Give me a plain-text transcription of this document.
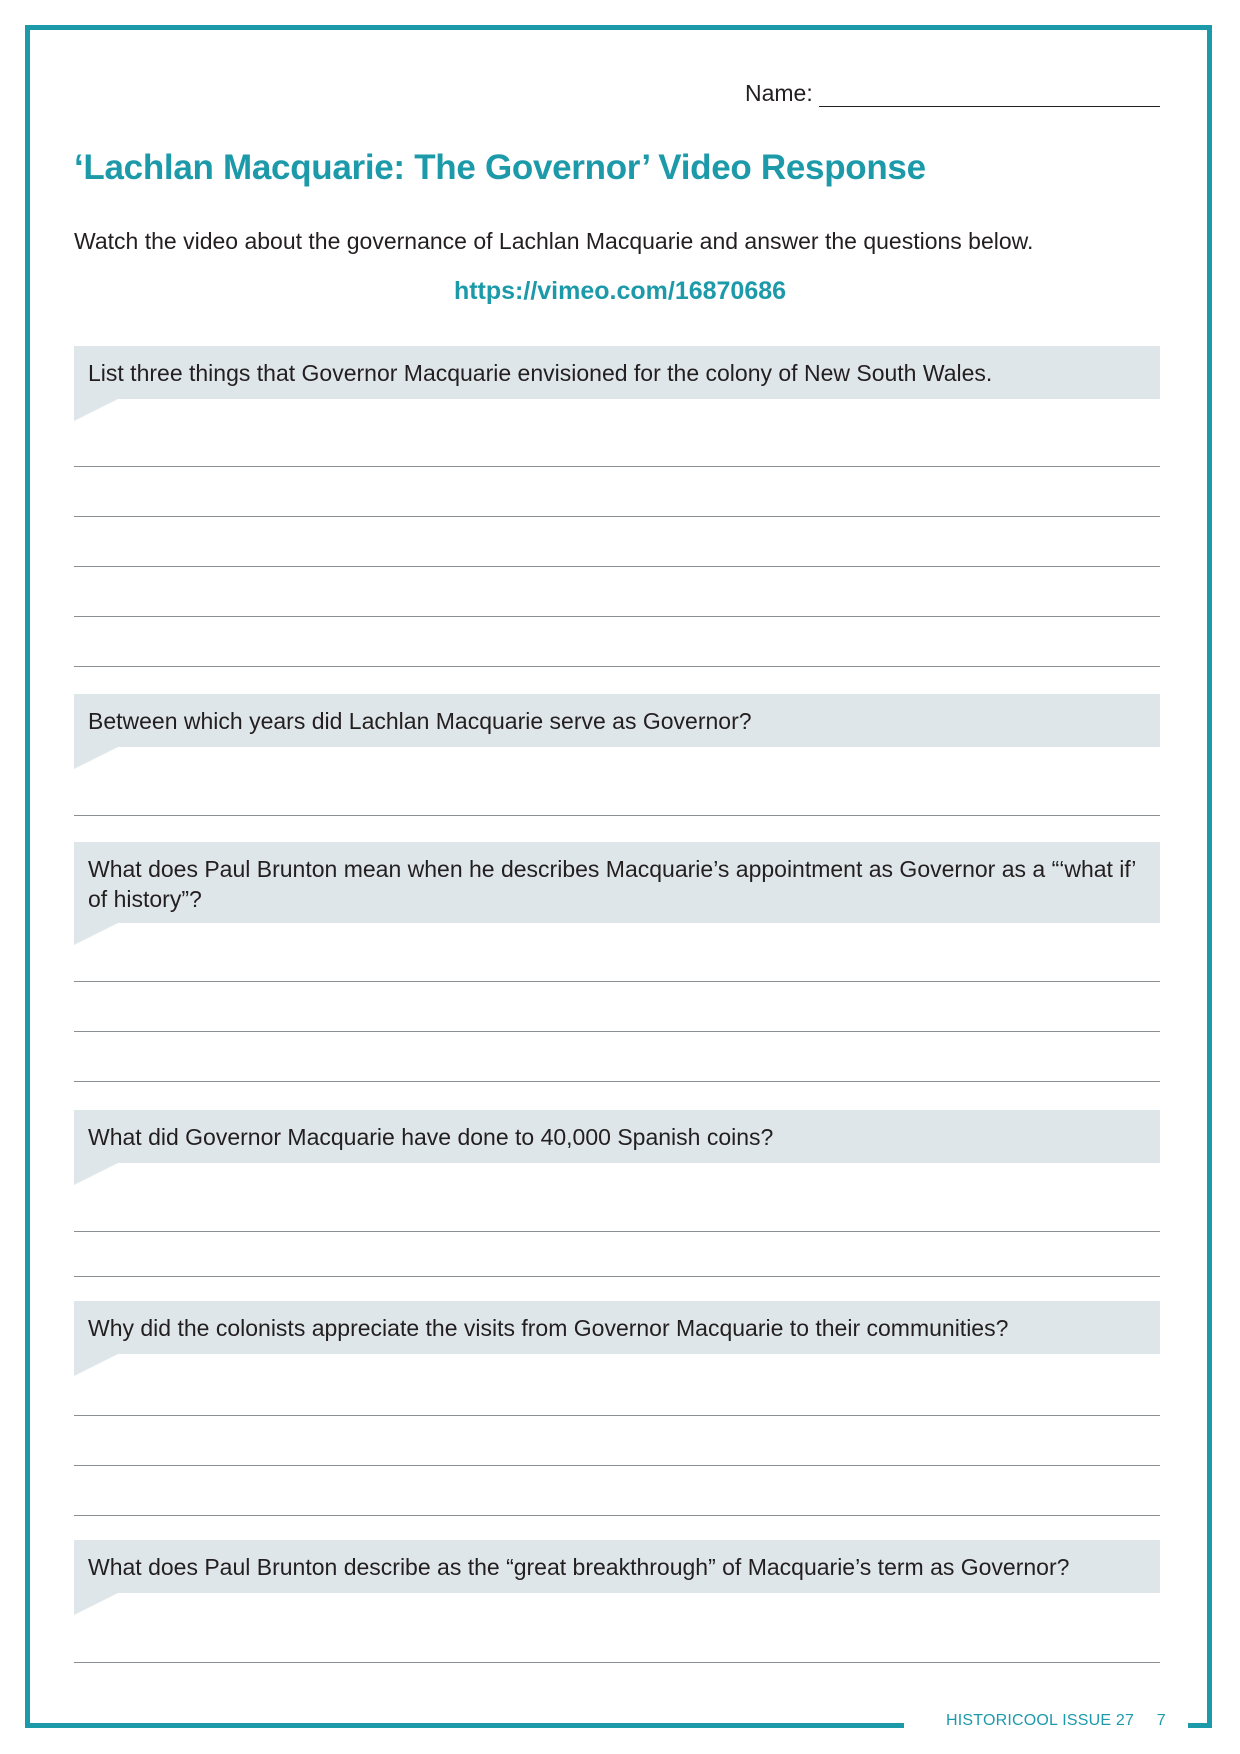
Name:
‘Lachlan Macquarie: The Governor’ Video Response
Watch the video about the governance of Lachlan Macquarie and answer the questions below.
https://vimeo.com/16870686
List three things that Governor Macquarie envisioned for the colony of New South Wales.
Between which years did Lachlan Macquarie serve as Governor?
What does Paul Brunton mean when he describes Macquarie’s appointment as Governor as a “‘what if’ of history”?
What did Governor Macquarie have done to 40,000 Spanish coins?
Why did the colonists appreciate the visits from Governor Macquarie to their communities?
What does Paul Brunton describe as the “great breakthrough” of Macquarie’s term as Governor?
HISTORICOOL ISSUE 27 7
